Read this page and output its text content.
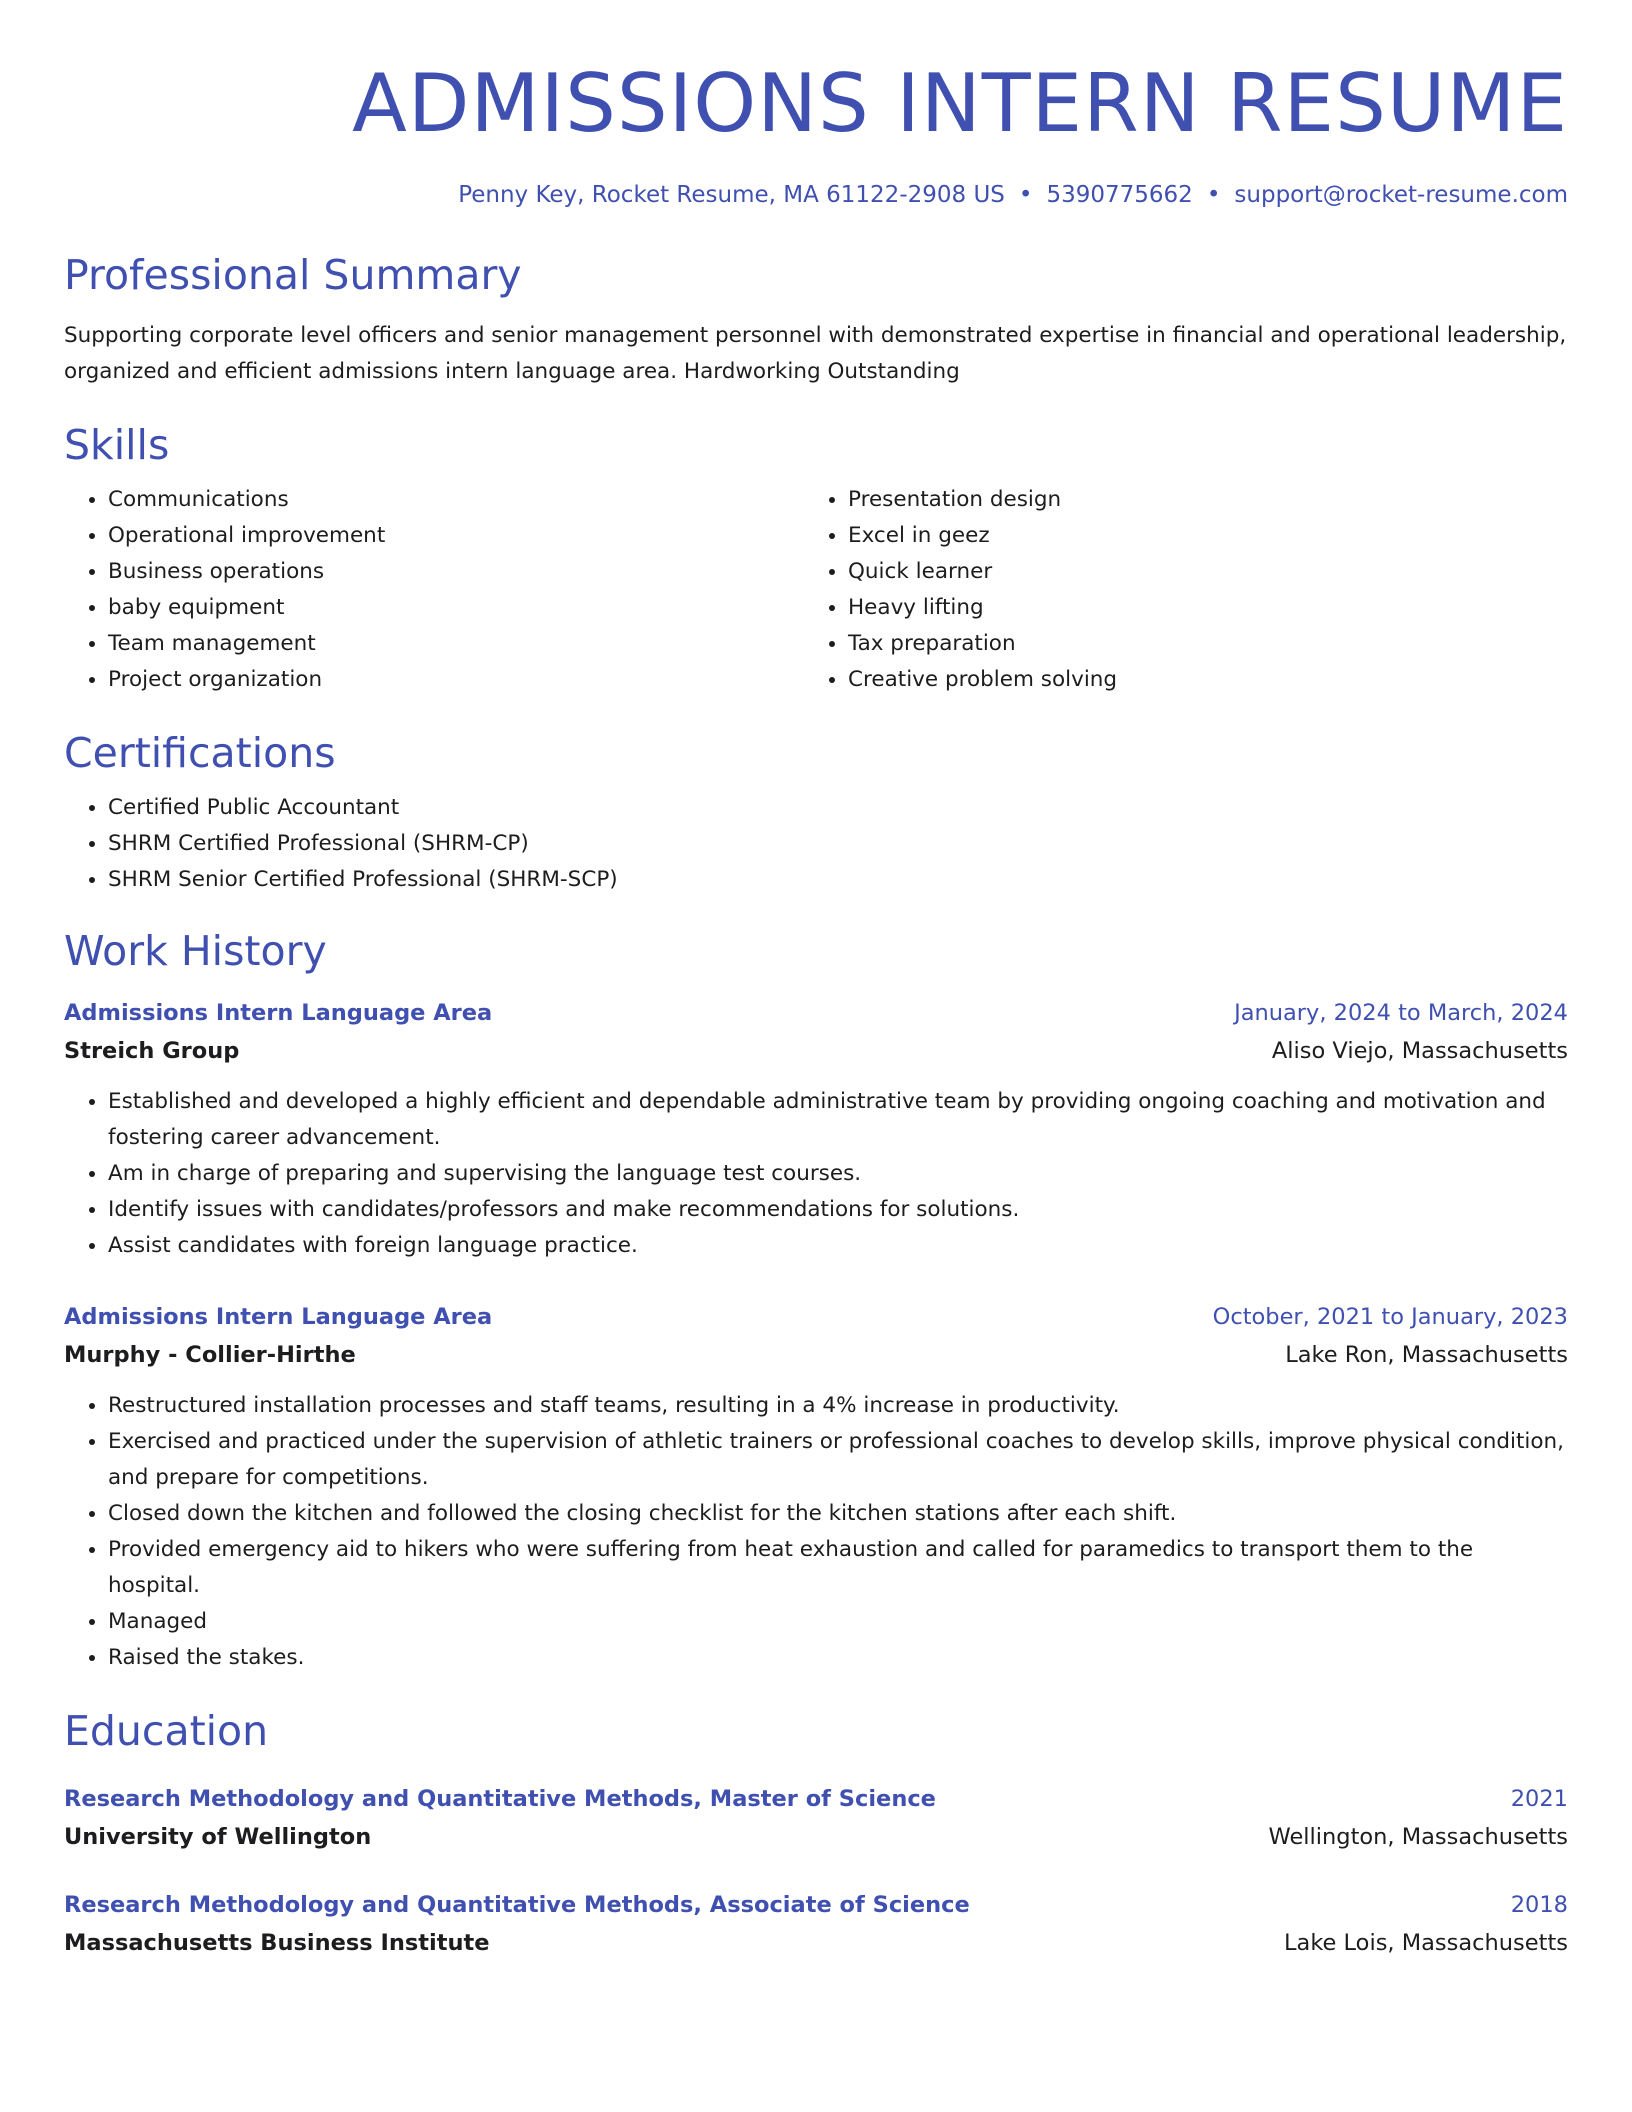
ADMISSIONS INTERN RESUME
Penny Key, Rocket Resume, MA 61122-2908 US • 5390775662 • support@rocket-resume.com
Professional Summary
Supporting corporate level officers and senior management personnel with demonstrated expertise in financial and operational leadership, organized and efficient admissions intern language area. Hardworking Outstanding
Skills
• Communications
• Operational improvement
• Business operations
• baby equipment
• Team management
• Project organization
• Presentation design
• Excel in geez
• Quick learner
• Heavy lifting
• Tax preparation
• Creative problem solving
Certifications
• Certified Public Accountant
• SHRM Certified Professional (SHRM-CP)
• SHRM Senior Certified Professional (SHRM-SCP)
Work History
Admissions Intern Language Area	January, 2024 to March, 2024
Streich Group	Aliso Viejo, Massachusetts
• Established and developed a highly efficient and dependable administrative team by providing ongoing coaching and motivation and fostering career advancement.
• Am in charge of preparing and supervising the language test courses.
• Identify issues with candidates/professors and make recommendations for solutions.
• Assist candidates with foreign language practice.
Admissions Intern Language Area	October, 2021 to January, 2023
Murphy - Collier-Hirthe	Lake Ron, Massachusetts
• Restructured installation processes and staff teams, resulting in a 4% increase in productivity.
• Exercised and practiced under the supervision of athletic trainers or professional coaches to develop skills, improve physical condition, and prepare for competitions.
• Closed down the kitchen and followed the closing checklist for the kitchen stations after each shift.
• Provided emergency aid to hikers who were suffering from heat exhaustion and called for paramedics to transport them to the hospital.
• Managed
• Raised the stakes.
Education
Research Methodology and Quantitative Methods, Master of Science	2021
University of Wellington	Wellington, Massachusetts
Research Methodology and Quantitative Methods, Associate of Science	2018
Massachusetts Business Institute	Lake Lois, Massachusetts
